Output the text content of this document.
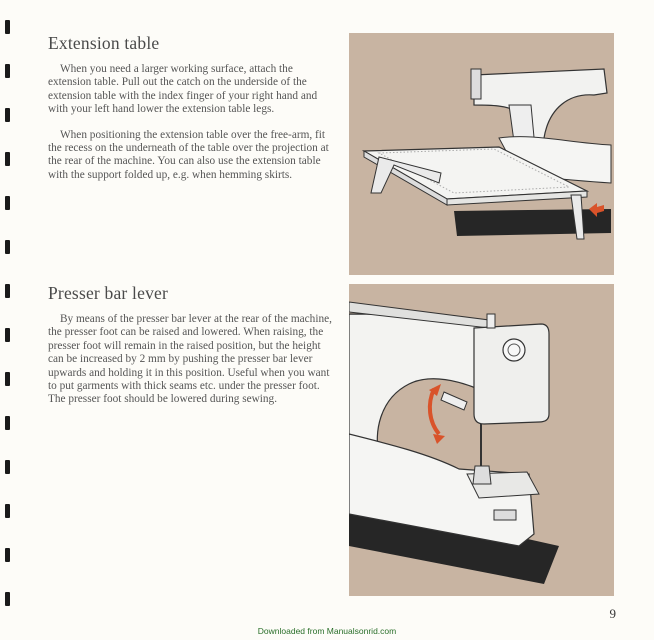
Extension table

When you need a larger working surface, attach the extension table. Pull out the catch on the underside of the extension table with the index finger of your right hand and with your left hand lower the extension table legs.

When positioning the extension table over the free-arm, fit the recess on the underneath of the table over the projection at the rear of the machine. You can also use the extension table with the support folded up, e.g. when hemming skirts.

Presser bar lever

By means of the presser bar lever at the rear of the machine, the presser foot can be raised and lowered. When raising, the presser foot will remain in the raised position, but the height can be increased by 2 mm by pushing the presser bar lever upwards and holding it in this position. Useful when you want to put garments with thick seams etc. under the presser foot. The presser foot should be lowered during sewing.

9
Downloaded from Manualsonrid.com
